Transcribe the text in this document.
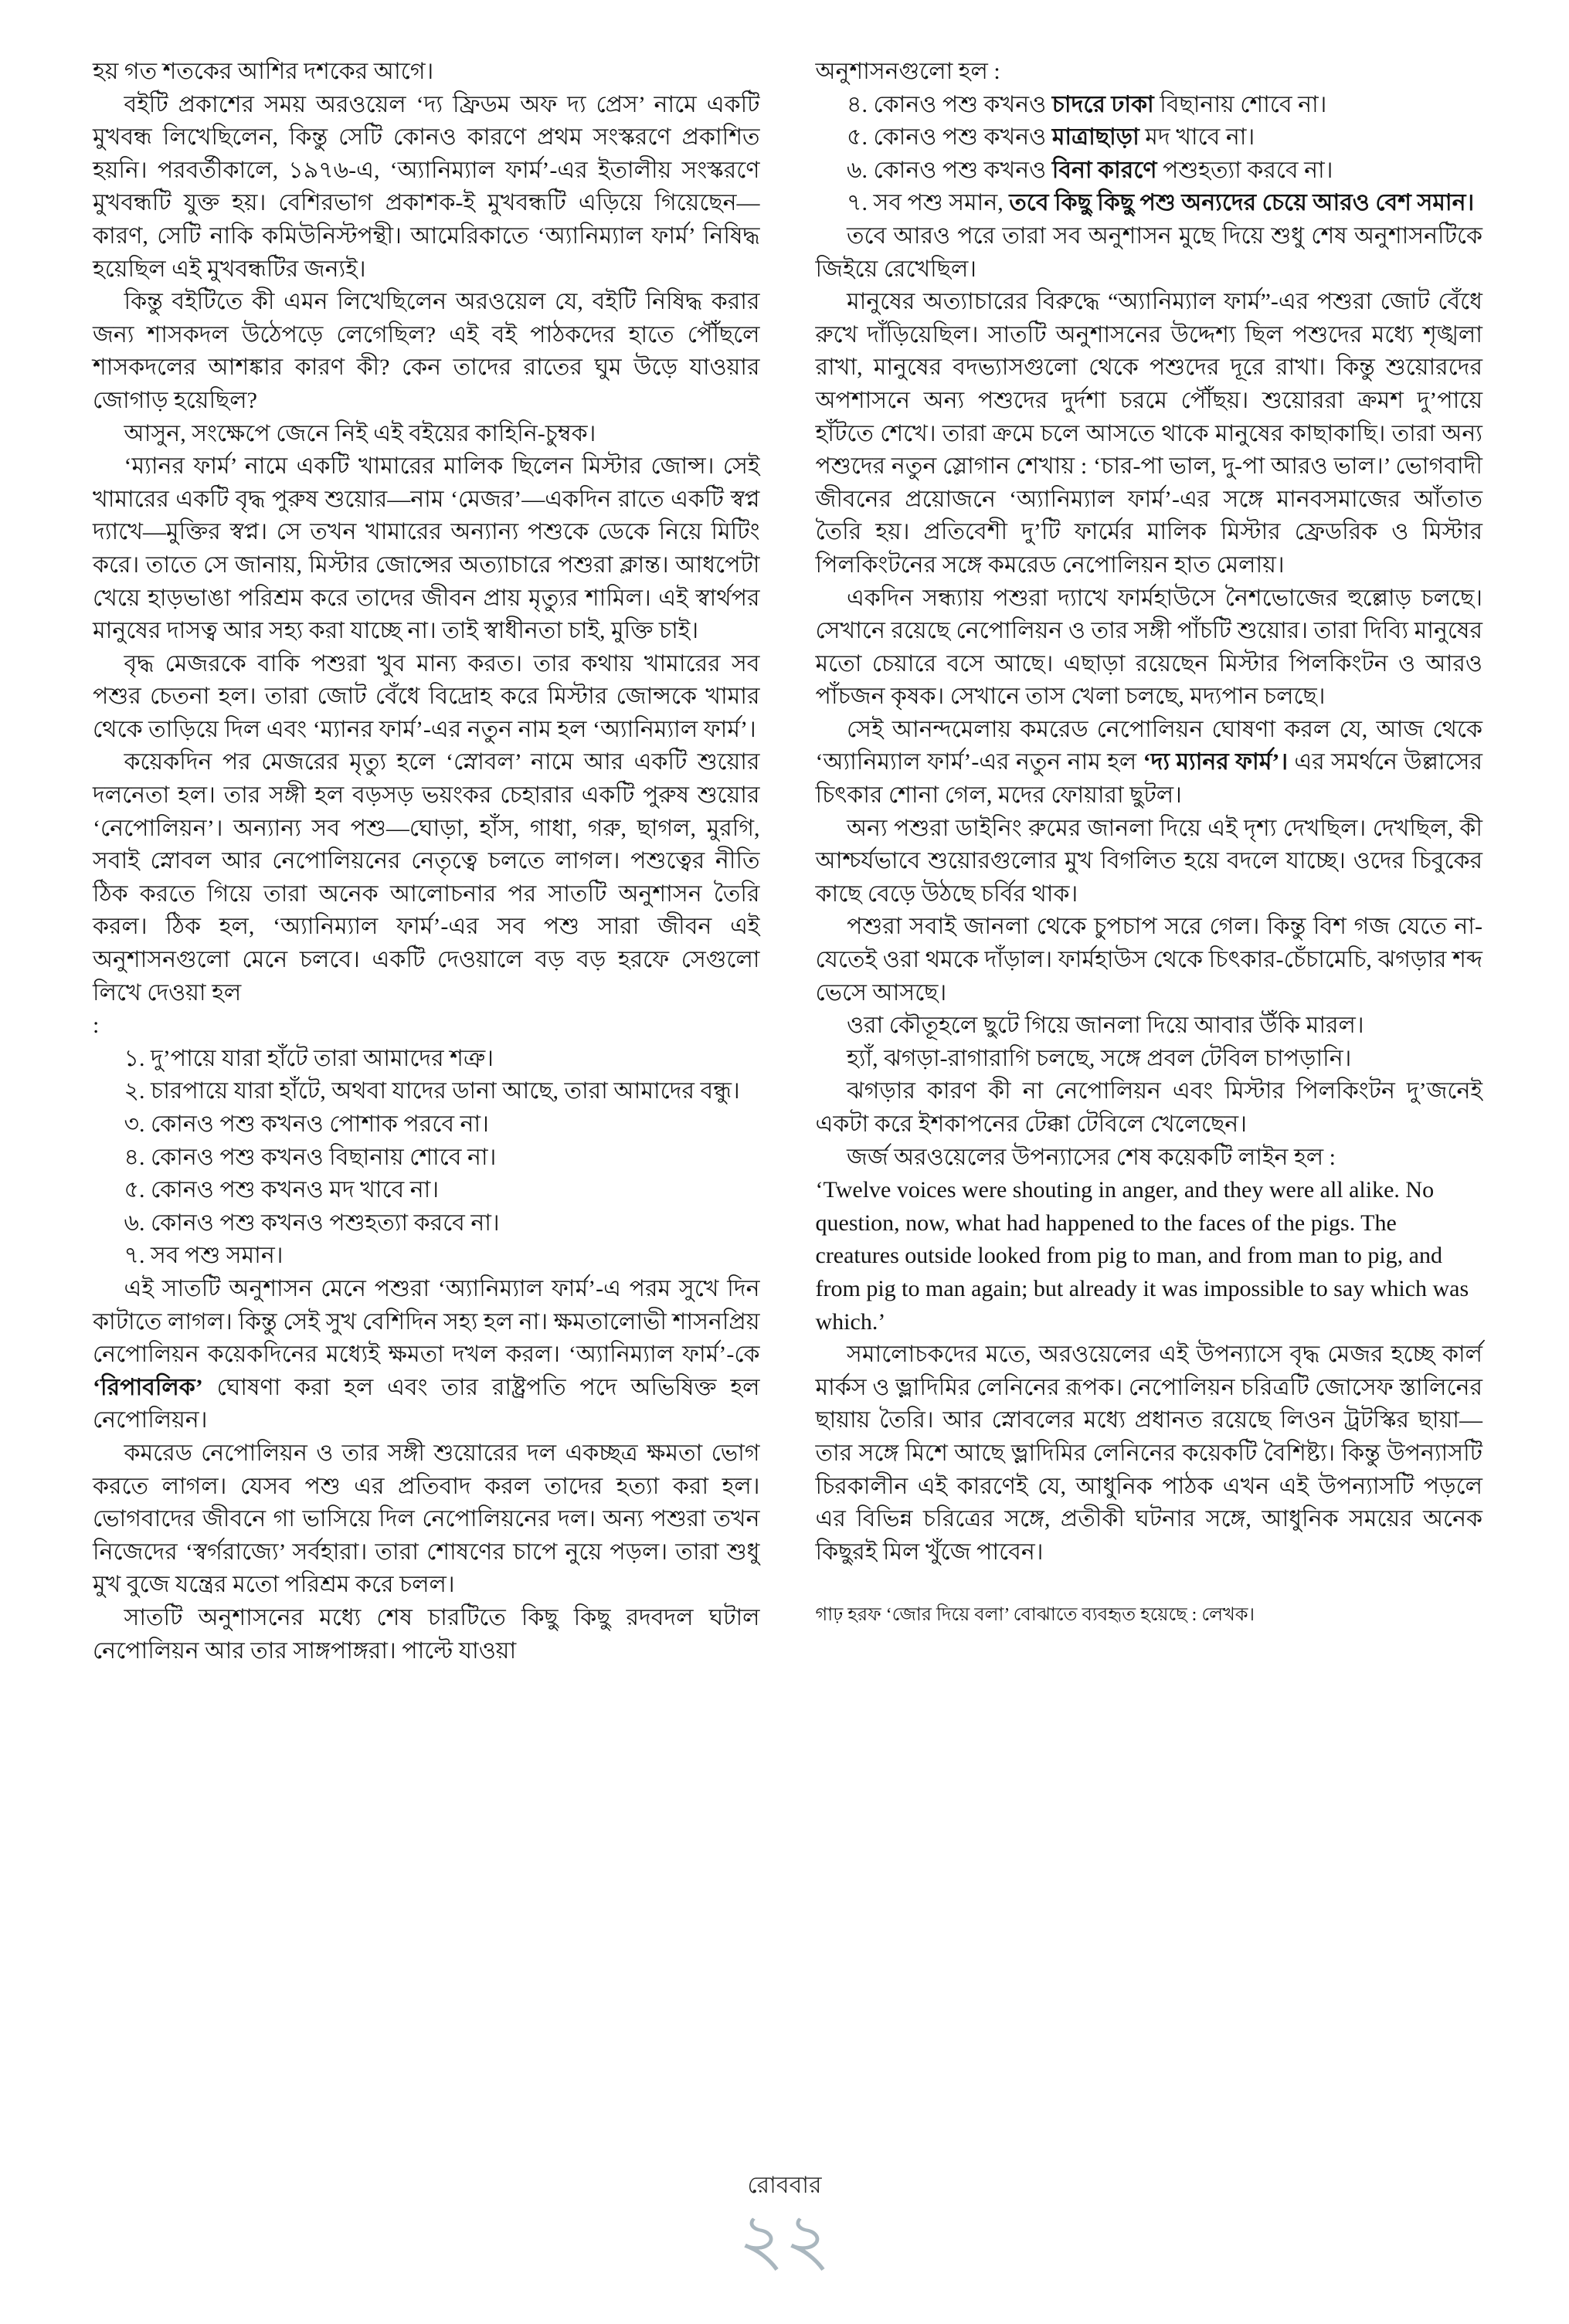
হয় গত শতকের আশির দশকের আগে।

বইটি প্রকাশের সময় অরওয়েল ‘দ্য ফ্রিডম অফ দ্য প্রেস’ নামে একটি মুখবন্ধ লিখেছিলেন, কিন্তু সেটি কোনও কারণে প্রথম সংস্করণে প্রকাশিত হয়নি। পরবর্তীকালে, ১৯৭৬-এ, ‘অ্যানিম্যাল ফার্ম’-এর ইতালীয় সংস্করণে মুখবন্ধটি যুক্ত হয়। বেশিরভাগ প্রকাশক-ই মুখবন্ধটি এড়িয়ে গিয়েছেন—কারণ, সেটি নাকি কমিউনিস্টপন্থী। আমেরিকাতে ‘অ্যানিম্যাল ফার্ম’ নিষিদ্ধ হয়েছিল এই মুখবন্ধটির জন্যই।

কিন্তু বইটিতে কী এমন লিখেছিলেন অরওয়েল যে, বইটি নিষিদ্ধ করার জন্য শাসকদল উঠেপড়ে লেগেছিল? এই বই পাঠকদের হাতে পৌঁছলে শাসকদলের আশঙ্কার কারণ কী? কেন তাদের রাতের ঘুম উড়ে যাওয়ার জোগাড় হয়েছিল?

আসুন, সংক্ষেপে জেনে নিই এই বইয়ের কাহিনি-চুম্বক।

‘ম্যানর ফার্ম’ নামে একটি খামারের মালিক ছিলেন মিস্টার জোন্স। সেই খামারের একটি বৃদ্ধ পুরুষ শুয়োর—নাম ‘মেজর’—একদিন রাতে একটি স্বপ্ন দ্যাখে—মুক্তির স্বপ্ন। সে তখন খামারের অন্যান্য পশুকে ডেকে নিয়ে মিটিং করে। তাতে সে জানায়, মিস্টার জোন্সের অত্যাচারে পশুরা ক্লান্ত। আধপেটা খেয়ে হাড়ভাঙা পরিশ্রম করে তাদের জীবন প্রায় মৃত্যুর শামিল। এই স্বার্থপর মানুষের দাসত্ব আর সহ্য করা যাচ্ছে না। তাই স্বাধীনতা চাই, মুক্তি চাই।

বৃদ্ধ মেজরকে বাকি পশুরা খুব মান্য করত। তার কথায় খামারের সব পশুর চেতনা হল। তারা জোট বেঁধে বিদ্রোহ করে মিস্টার জোন্সকে খামার থেকে তাড়িয়ে দিল এবং ‘ম্যানর ফার্ম’-এর নতুন নাম হল ‘অ্যানিম্যাল ফার্ম’।

কয়েকদিন পর মেজরের মৃত্যু হলে ‘স্নোবল’ নামে আর একটি শুয়োর দলনেতা হল। তার সঙ্গী হল বড়সড় ভয়ংকর চেহারার একটি পুরুষ শুয়োর ‘নেপোলিয়ন’। অন্যান্য সব পশু—ঘোড়া, হাঁস, গাধা, গরু, ছাগল, মুরগি, সবাই স্নোবল আর নেপোলিয়নের নেতৃত্বে চলতে লাগল। পশুত্বের নীতি ঠিক করতে গিয়ে তারা অনেক আলোচনার পর সাতটি অনুশাসন তৈরি করল। ঠিক হল, ‘অ্যানিম্যাল ফার্ম’-এর সব পশু সারা জীবন এই অনুশাসনগুলো মেনে চলবে। একটি দেওয়ালে বড় বড় হরফে সেগুলো লিখে দেওয়া হল

:

১. দু’পায়ে যারা হাঁটে তারা আমাদের শত্রু।

২. চারপায়ে যারা হাঁটে, অথবা যাদের ডানা আছে, তারা আমাদের বন্ধু।

৩. কোনও পশু কখনও পোশাক পরবে না।

৪. কোনও পশু কখনও বিছানায় শোবে না।

৫. কোনও পশু কখনও মদ খাবে না।

৬. কোনও পশু কখনও পশুহত্যা করবে না।

৭. সব পশু সমান।

এই সাতটি অনুশাসন মেনে পশুরা ‘অ্যানিম্যাল ফার্ম’-এ পরম সুখে দিন কাটাতে লাগল। কিন্তু সেই সুখ বেশিদিন সহ্য হল না। ক্ষমতালোভী শাসনপ্রিয় নেপোলিয়ন কয়েকদিনের মধ্যেই ক্ষমতা দখল করল। ‘অ্যানিম্যাল ফার্ম’-কে ‘রিপাবলিক’ ঘোষণা করা হল এবং তার রাষ্ট্রপতি পদে অভিষিক্ত হল নেপোলিয়ন।

কমরেড নেপোলিয়ন ও তার সঙ্গী শুয়োরের দল একচ্ছত্র ক্ষমতা ভোগ করতে লাগল। যেসব পশু এর প্রতিবাদ করল তাদের হত্যা করা হল। ভোগবাদের জীবনে গা ভাসিয়ে দিল নেপোলিয়নের দল। অন্য পশুরা তখন নিজেদের ‘স্বর্গরাজ্যে’ সর্বহারা। তারা শোষণের চাপে নুয়ে পড়ল। তারা শুধু মুখ বুজে যন্ত্রের মতো পরিশ্রম করে চলল।

সাতটি অনুশাসনের মধ্যে শেষ চারটিতে কিছু কিছু রদবদল ঘটাল নেপোলিয়ন আর তার সাঙ্গপাঙ্গরা। পাল্টে যাওয়া

অনুশাসনগুলো হল :

৪. কোনও পশু কখনও চাদরে ঢাকা বিছানায় শোবে না।

৫. কোনও পশু কখনও মাত্রাছাড়া মদ খাবে না।

৬. কোনও পশু কখনও বিনা কারণে পশুহত্যা করবে না।

৭. সব পশু সমান, তবে কিছু কিছু পশু অন্যদের চেয়ে আরও বেশ সমান।

তবে আরও পরে তারা সব অনুশাসন মুছে দিয়ে শুধু শেষ অনুশাসনটিকে জিইয়ে রেখেছিল।

মানুষের অত্যাচারের বিরুদ্ধে “অ্যানিম্যাল ফার্ম”-এর পশুরা জোট বেঁধে রুখে দাঁড়িয়েছিল। সাতটি অনুশাসনের উদ্দেশ্য ছিল পশুদের মধ্যে শৃঙ্খলা রাখা, মানুষের বদভ্যাসগুলো থেকে পশুদের দূরে রাখা। কিন্তু শুয়োরদের অপশাসনে অন্য পশুদের দুর্দশা চরমে পৌঁছয়। শুয়োররা ক্রমশ দু’পায়ে হাঁটতে শেখে। তারা ক্রমে চলে আসতে থাকে মানুষের কাছাকাছি। তারা অন্য পশুদের নতুন স্লোগান শেখায় : ‘চার-পা ভাল, দু-পা আরও ভাল।’ ভোগবাদী জীবনের প্রয়োজনে ‘অ্যানিম্যাল ফার্ম’-এর সঙ্গে মানবসমাজের আঁতাত তৈরি হয়। প্রতিবেশী দু’টি ফার্মের মালিক মিস্টার ফ্রেডরিক ও মিস্টার পিলকিংটনের সঙ্গে কমরেড নেপোলিয়ন হাত মেলায়।

একদিন সন্ধ্যায় পশুরা দ্যাখে ফার্মহাউসে নৈশভোজের হুল্লোড় চলছে। সেখানে রয়েছে নেপোলিয়ন ও তার সঙ্গী পাঁচটি শুয়োর। তারা দিব্যি মানুষের মতো চেয়ারে বসে আছে। এছাড়া রয়েছেন মিস্টার পিলকিংটন ও আরও পাঁচজন কৃষক। সেখানে তাস খেলা চলছে, মদ্যপান চলছে।

সেই আনন্দমেলায় কমরেড নেপোলিয়ন ঘোষণা করল যে, আজ থেকে ‘অ্যানিম্যাল ফার্ম’-এর নতুন নাম হল ‘দ্য ম্যানর ফার্ম’। এর সমর্থনে উল্লাসের চিৎকার শোনা গেল, মদের ফোয়ারা ছুটল।

অন্য পশুরা ডাইনিং রুমের জানলা দিয়ে এই দৃশ্য দেখছিল। দেখছিল, কী আশ্চর্যভাবে শুয়োরগুলোর মুখ বিগলিত হয়ে বদলে যাচ্ছে। ওদের চিবুকের কাছে বেড়ে উঠছে চর্বির থাক।

পশুরা সবাই জানলা থেকে চুপচাপ সরে গেল। কিন্তু বিশ গজ যেতে না-যেতেই ওরা থমকে দাঁড়াল। ফার্মহাউস থেকে চিৎকার-চেঁচামেচি, ঝগড়ার শব্দ ভেসে আসছে।

ওরা কৌতূহলে ছুটে গিয়ে জানলা দিয়ে আবার উঁকি মারল।

হ্যাঁ, ঝগড়া-রাগারাগি চলছে, সঙ্গে প্রবল টেবিল চাপড়ানি।

ঝগড়ার কারণ কী না নেপোলিয়ন এবং মিস্টার পিলকিংটন দু’জনেই একটা করে ইশকাপনের টেক্কা টেবিলে খেলেছেন।

জর্জ অরওয়েলের উপন্যাসের শেষ কয়েকটি লাইন হল :

‘Twelve voices were shouting in anger, and they were all alike. No question, now, what had happened to the faces of the pigs. The creatures outside looked from pig to man, and from man to pig, and from pig to man again; but already it was impossible to say which was which.’

সমালোচকদের মতে, অরওয়েলের এই উপন্যাসে বৃদ্ধ মেজর হচ্ছে কার্ল মার্কস ও ভ্লাদিমির লেনিনের রূপক। নেপোলিয়ন চরিত্রটি জোসেফ স্তালিনের ছায়ায় তৈরি। আর স্নোবলের মধ্যে প্রধানত রয়েছে লিওন ট্রটস্কির ছায়া—তার সঙ্গে মিশে আছে ভ্লাদিমির লেনিনের কয়েকটি বৈশিষ্ট্য। কিন্তু উপন্যাসটি চিরকালীন এই কারণেই যে, আধুনিক পাঠক এখন এই উপন্যাসটি পড়লে এর বিভিন্ন চরিত্রের সঙ্গে, প্রতীকী ঘটনার সঙ্গে, আধুনিক সময়ের অনেক কিছুরই মিল খুঁজে পাবেন।

গাঢ় হরফ ‘জোর দিয়ে বলা’ বোঝাতে ব্যবহৃত হয়েছে : লেখক।

রোববার
২২
